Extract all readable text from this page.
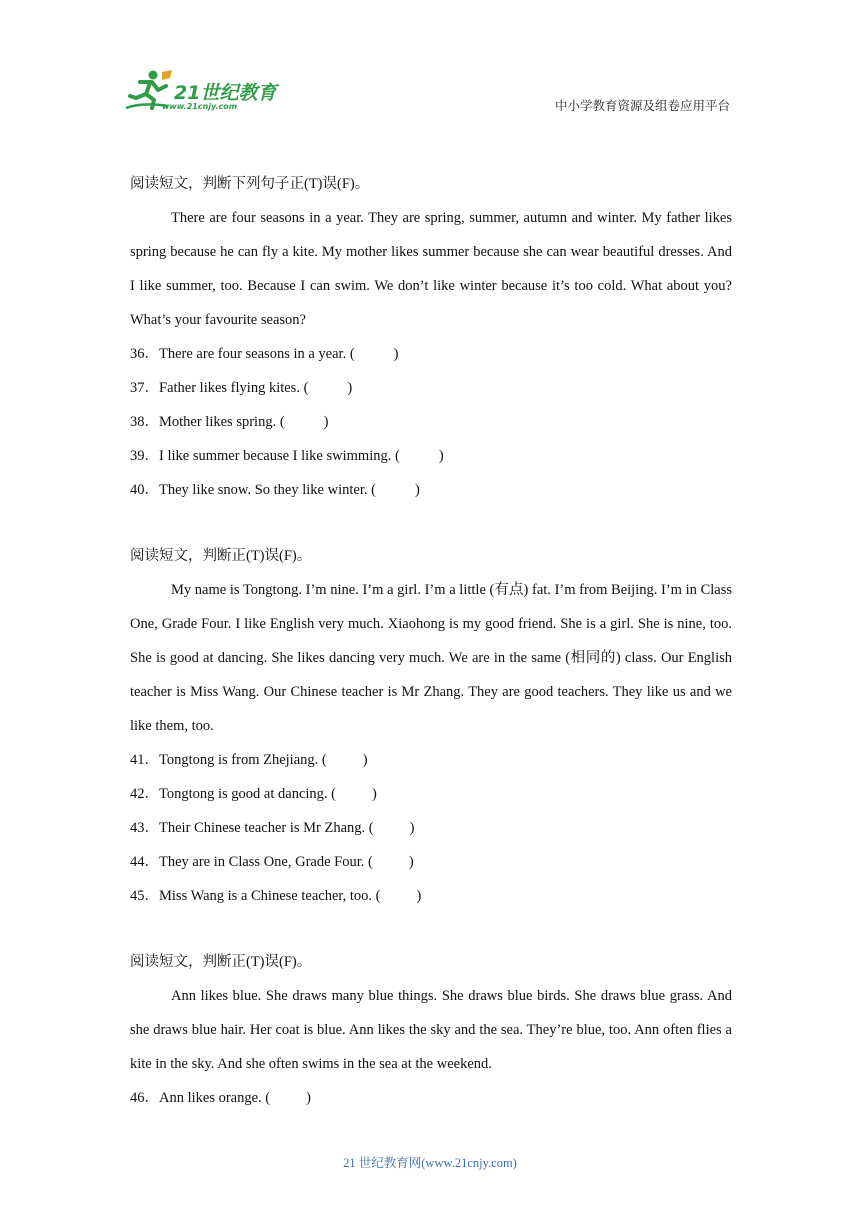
21世纪教育
www.21cnjy.com	中小学教育资源及组卷应用平台
阅读短文，判断下列句子正(T)误(F)。
There are four seasons in a year. They are spring, summer, autumn and winter. My father likes spring because he can fly a kite. My mother likes summer because she can wear beautiful dresses. And I like summer, too. Because I can swim. We don’t like winter because it’s too cold. What about you? What’s your favourite season?
36．There are four seasons in a year. (	)
37．Father likes flying kites. (	)
38．Mother likes spring. (	)
39．I like summer because I like swimming. (	)
40．They like snow. So they like winter. (	)
阅读短文，判断正(T)误(F)。
My name is Tongtong. I’m nine. I’m a girl. I’m a little (有点) fat. I’m from Beijing. I’m in Class One, Grade Four. I like English very much. Xiaohong is my good friend. She is a girl. She is nine, too. She is good at dancing. She likes dancing very much. We are in the same (相同的) class. Our English teacher is Miss Wang. Our Chinese teacher is Mr Zhang. They are good teachers. They like us and we like them, too.
41．Tongtong is from Zhejiang. ( )
42．Tongtong is good at dancing. ( )
43．Their Chinese teacher is Mr Zhang. ( )
44．They are in Class One, Grade Four. ( )
45．Miss Wang is a Chinese teacher, too. ( )
阅读短文，判断正(T)误(F)。
Ann likes blue. She draws many blue things. She draws blue birds. She draws blue grass. And she draws blue hair. Her coat is blue. Ann likes the sky and the sea. They’re blue, too. Ann often flies a kite in the sky. And she often swims in the sea at the weekend.
46．Ann likes orange. ( )
21 世纪教育网(www.21cnjy.com)
